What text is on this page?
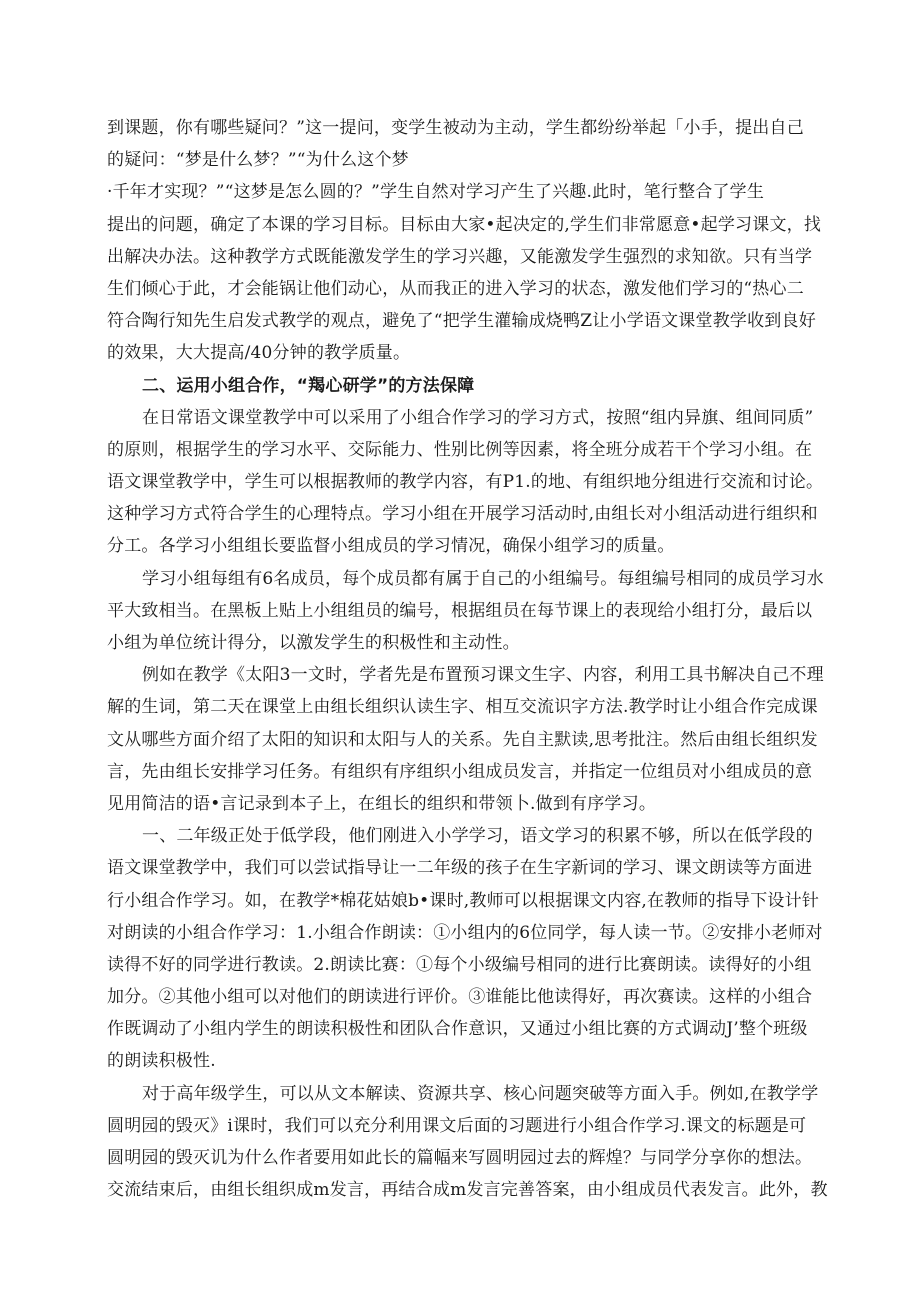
到课题，你有哪些疑问？”这一提问，变学生被动为主动，学生都纷纷举起「小手，提出自己
的疑问：“梦是什么梦？”“为什么这个梦
·千年才实现？”“这梦是怎么圆的？”学生自然对学习产生了兴趣.此时，笔行整合了学生
提出的问题，确定了本课的学习目标。目标由大家•起决定的,学生们非常愿意•起学习课文，找
出解决办法。这种教学方式既能激发学生的学习兴趣，又能激发学生强烈的求知欲。只有当学
生们倾心于此，才会能锅让他们动心，从而我正的进入学习的状态，激发他们学习的“热心二
符合陶行知先生启发式教学的观点，避免了“把学生灌输成烧鸭Z让小学语文课堂教学收到良好
的效果，大大提高/40分钟的教学质量。
二、运用小组合作，“羯心研学”的方法保障
在日常语文课堂教学中可以采用了小组合作学习的学习方式，按照“组内异旗、组间同质”
的原则，根据学生的学习水平、交际能力、性别比例等因素，将全班分成若干个学习小组。在
语文课堂教学中，学生可以根据教师的教学内容，有P1.的地、有组织地分组进行交流和讨论。
这种学习方式符合学生的心理特点。学习小组在开展学习活动时,由组长对小组活动进行组织和
分工。各学习小组组长要监督小组成员的学习情况，确保小组学习的质量。
学习小组每组有6名成员，每个成员都有属于自己的小组编号。每组编号相同的成员学习水
平大致相当。在黑板上贴上小组组员的编号，根据组员在每节课上的表现给小组打分，最后以
小组为单位统计得分，以激发学生的积极性和主动性。
例如在教学《太阳3一文时，学者先是布置预习课文生字、内容，利用工具书解决自己不理
解的生词，第二天在课堂上由组长组织认读生字、相互交流识字方法.教学时让小组合作完成课
文从哪些方面介绍了太阳的知识和太阳与人的关系。先自主默读,思考批注。然后由组长组织发
言，先由组长安排学习任务。有组织有序组织小组成员发言，并指定一位组员对小组成员的意
见用简洁的语•言记录到本子上，在组长的组织和带领卜.做到有序学习。
一、二年级正处于低学段，他们刚进入小学学习，语文学习的积累不够，所以在低学段的
语文课堂教学中，我们可以尝试指导让一二年级的孩子在生字新词的学习、课文朗读等方面进
行小组合作学习。如，在教学*棉花姑娘b•课时,教师可以根据课文内容,在教师的指导下设计针
对朗读的小组合作学习：1.小组合作朗读：①小组内的6位同学，每人读一节。②安排小老师对
读得不好的同学进行教读。2.朗读比赛：①每个小级编号相同的进行比赛朗读。读得好的小组
加分。②其他小组可以对他们的朗读进行评价。③谁能比他读得好，再次赛读。这样的小组合
作既调动了小组内学生的朗读积极性和团队合作意识，又通过小组比赛的方式调动J’整个班级
的朗读积极性.
对于高年级学生，可以从文本解读、资源共享、核心问题突破等方面入手。例如,在教学学
圆明园的毁灭》i课时，我们可以充分利用课文后面的习题进行小组合作学习.课文的标题是可
圆明园的毁灭讥为什么作者要用如此长的篇幅来写圆明园过去的辉煌？与同学分享你的想法。
交流结束后，由组长组织成m发言，再结合成m发言完善答案，由小组成员代表发言。此外，教
